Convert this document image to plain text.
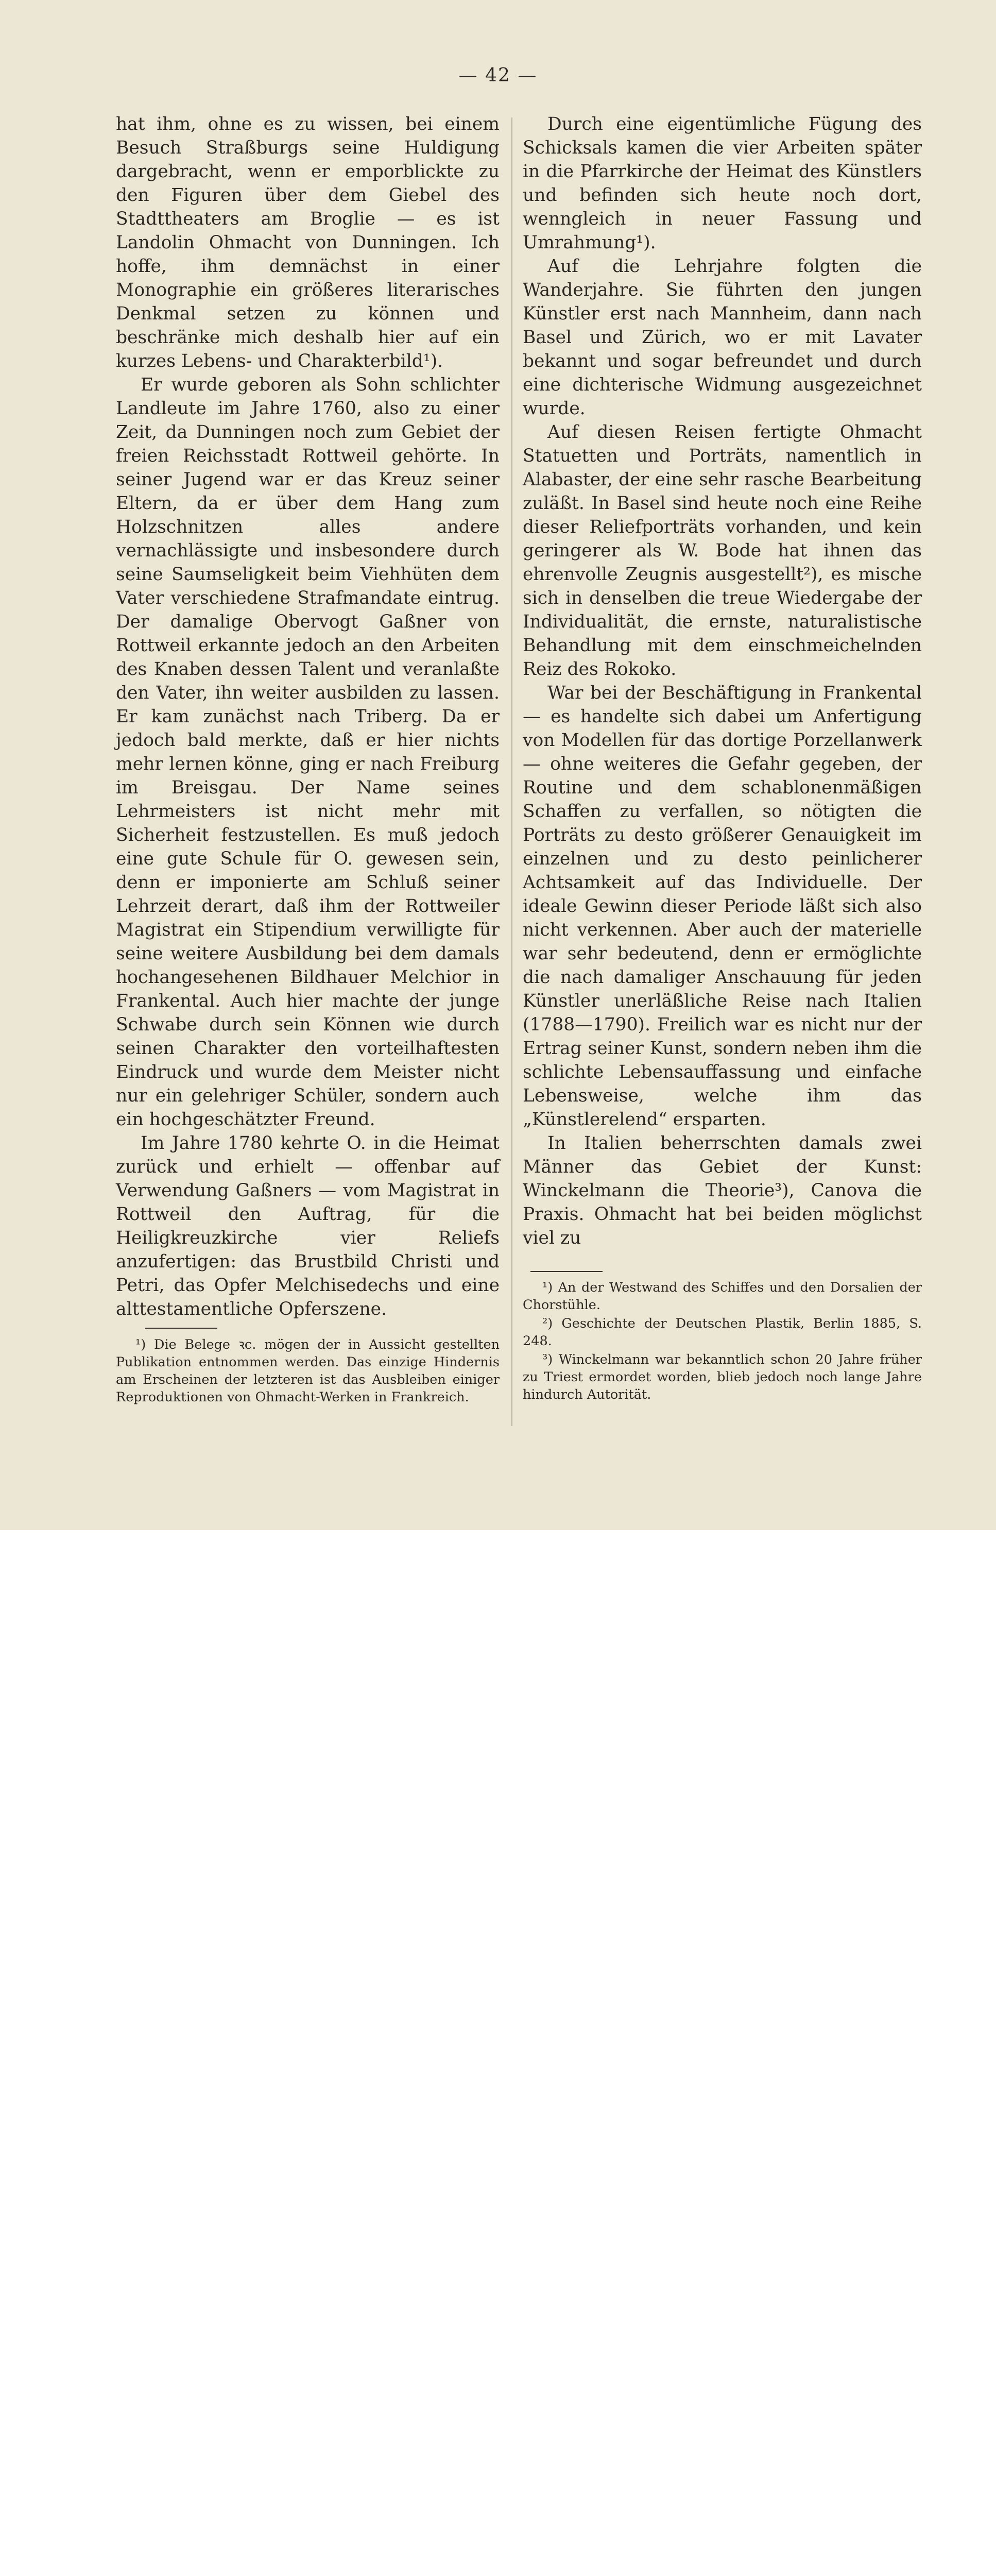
— 42 —

hat ihm, ohne es zu wissen, bei einem Besuch Straßburgs seine Huldigung dargebracht, wenn er emporblickte zu den Figuren über dem Giebel des Stadttheaters am Broglie — es ist Landolin Ohmacht von Dunningen. Ich hoffe, ihm demnächst in einer Monographie ein größeres literarisches Denkmal setzen zu können und beschränke mich deshalb hier auf ein kurzes Lebens- und Charakterbild¹).

Er wurde geboren als Sohn schlichter Landleute im Jahre 1760, also zu einer Zeit, da Dunningen noch zum Gebiet der freien Reichsstadt Rottweil gehörte. In seiner Jugend war er das Kreuz seiner Eltern, da er über dem Hang zum Holzschnitzen alles andere vernachlässigte und insbesondere durch seine Saumseligkeit beim Viehhüten dem Vater verschiedene Strafmandate eintrug. Der damalige Obervogt Gaßner von Rottweil erkannte jedoch an den Arbeiten des Knaben dessen Talent und veranlaßte den Vater, ihn weiter ausbilden zu lassen. Er kam zunächst nach Triberg. Da er jedoch bald merkte, daß er hier nichts mehr lernen könne, ging er nach Freiburg im Breisgau. Der Name seines Lehrmeisters ist nicht mehr mit Sicherheit festzustellen. Es muß jedoch eine gute Schule für O. gewesen sein, denn er imponierte am Schluß seiner Lehrzeit derart, daß ihm der Rottweiler Magistrat ein Stipendium verwilligte für seine weitere Ausbildung bei dem damals hochangesehenen Bildhauer Melchior in Frankental. Auch hier machte der junge Schwabe durch sein Können wie durch seinen Charakter den vorteilhaftesten Eindruck und wurde dem Meister nicht nur ein gelehriger Schüler, sondern auch ein hochgeschätzter Freund.

Im Jahre 1780 kehrte O. in die Heimat zurück und erhielt — offenbar auf Verwendung Gaßners — vom Magistrat in Rottweil den Auftrag, für die Heiligkreuzkirche vier Reliefs anzufertigen: das Brustbild Christi und Petri, das Opfer Melchisedechs und eine alttestamentliche Opferszene.

Durch eine eigentümliche Fügung des Schicksals kamen die vier Arbeiten später in die Pfarrkirche der Heimat des Künstlers und befinden sich heute noch dort, wenngleich in neuer Fassung und Umrahmung¹).

Auf die Lehrjahre folgten die Wanderjahre. Sie führten den jungen Künstler erst nach Mannheim, dann nach Basel und Zürich, wo er mit Lavater bekannt und sogar befreundet und durch eine dichterische Widmung ausgezeichnet wurde.

Auf diesen Reisen fertigte Ohmacht Statuetten und Porträts, namentlich in Alabaster, der eine sehr rasche Bearbeitung zuläßt. In Basel sind heute noch eine Reihe dieser Reliefporträts vorhanden, und kein geringerer als W. Bode hat ihnen das ehrenvolle Zeugnis ausgestellt²), es mische sich in denselben die treue Wiedergabe der Individualität, die ernste, naturalistische Behandlung mit dem einschmeichelnden Reiz des Rokoko.

War bei der Beschäftigung in Frankental — es handelte sich dabei um Anfertigung von Modellen für das dortige Porzellanwerk — ohne weiteres die Gefahr gegeben, der Routine und dem schablonenmäßigen Schaffen zu verfallen, so nötigten die Porträts zu desto größerer Genauigkeit im einzelnen und zu desto peinlicherer Achtsamkeit auf das Individuelle. Der ideale Gewinn dieser Periode läßt sich also nicht verkennen. Aber auch der materielle war sehr bedeutend, denn er ermöglichte die nach damaliger Anschauung für jeden Künstler unerläßliche Reise nach Italien (1788—1790). Freilich war es nicht nur der Ertrag seiner Kunst, sondern neben ihm die schlichte Lebensauffassung und einfache Lebensweise, welche ihm das „Künstlerelend“ ersparten.

In Italien beherrschten damals zwei Männer das Gebiet der Kunst: Winckelmann die Theorie³), Canova die Praxis. Ohmacht hat bei beiden möglichst viel zu

¹) Die Belege ꝛc. mögen der in Aussicht gestellten Publikation entnommen werden. Das einzige Hindernis am Erscheinen der letzteren ist das Ausbleiben einiger Reproduktionen von Ohmacht-Werken in Frankreich.

¹) An der Westwand des Schiffes und den Dorsalien der Chorstühle.

²) Geschichte der Deutschen Plastik, Berlin 1885, S. 248.

³) Winckelmann war bekanntlich schon 20 Jahre früher zu Triest ermordet worden, blieb jedoch noch lange Jahre hindurch Autorität.
